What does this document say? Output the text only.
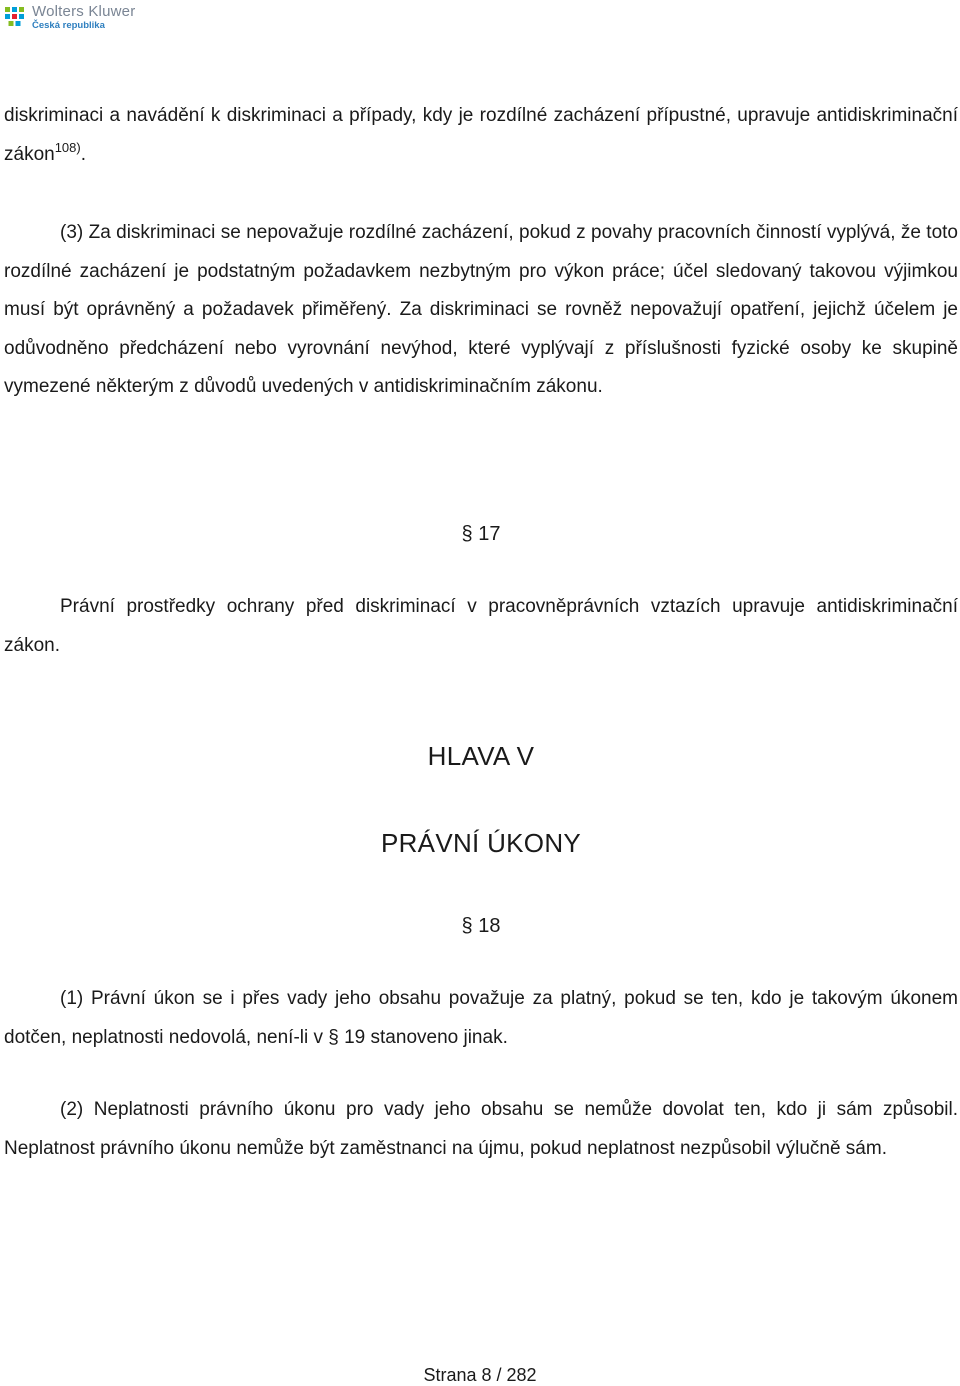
Wolters Kluwer
Česká republika

diskriminaci a navádění k diskriminaci a případy, kdy je rozdílné zacházení přípustné, upravuje antidiskriminační zákon$^{108)}$.

(3) Za diskriminaci se nepovažuje rozdílné zacházení, pokud z povahy pracovních činností vyplývá, že toto rozdílné zacházení je podstatným požadavkem nezbytným pro výkon práce; účel sledovaný takovou výjimkou musí být oprávněný a požadavek přiměřený. Za diskriminaci se rovněž nepovažují opatření, jejichž účelem je odůvodněno předcházení nebo vyrovnání nevýhod, které vyplývají z příslušnosti fyzické osoby ke skupině vymezené některým z důvodů uvedených v antidiskriminačním zákonu.

§ 17

Právní prostředky ochrany před diskriminací v pracovněprávních vztazích upravuje antidiskriminační zákon.

HLAVA V

PRÁVNÍ ÚKONY

§ 18

(1) Právní úkon se i přes vady jeho obsahu považuje za platný, pokud se ten, kdo je takovým úkonem dotčen, neplatnosti nedovolá, není-li v § 19 stanoveno jinak.

(2) Neplatnosti právního úkonu pro vady jeho obsahu se nemůže dovolat ten, kdo ji sám způsobil. Neplatnost právního úkonu nemůže být zaměstnanci na újmu, pokud neplatnost nezpůsobil výlučně sám.

Strana 8 / 282
